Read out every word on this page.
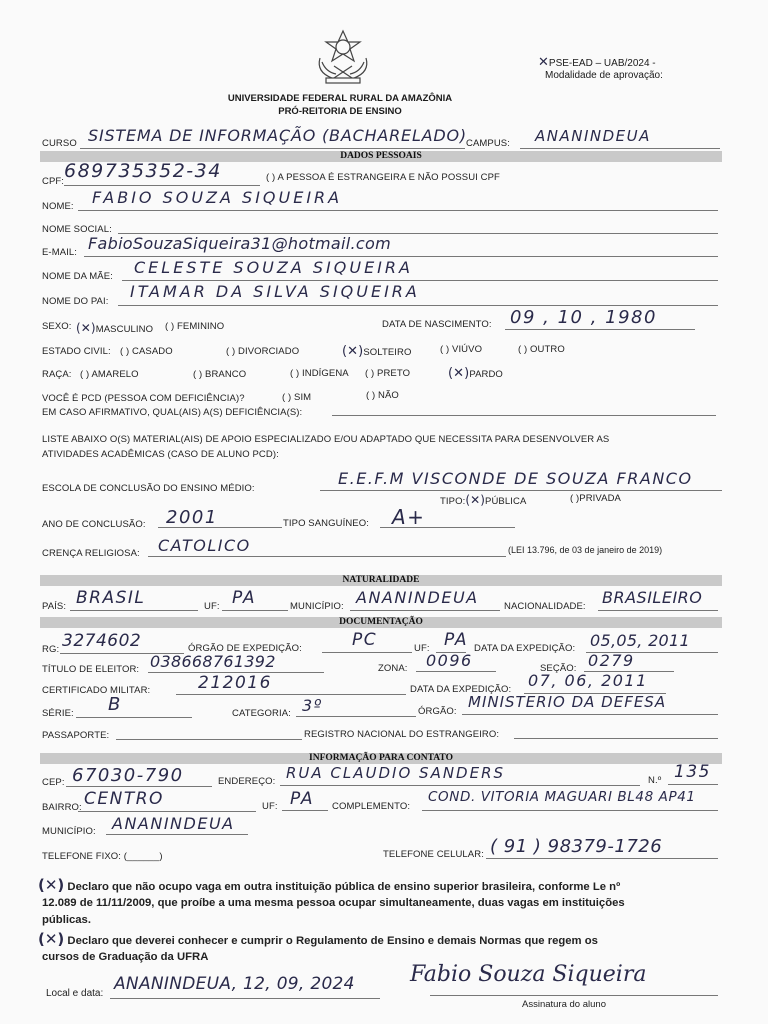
✕PSE-EAD – UAB/2024 -
Modalidade de aprovação:
UNIVERSIDADE FEDERAL RURAL DA AMAZÔNIA
PRÓ-REITORIA DE ENSINO
CURSO SISTEMA DE INFORMAÇÃO (BACHARELADO) CAMPUS: ANANINDEUA
DADOS PESSOAIS
CPF: 689735352-34	( ) A PESSOA É ESTRANGEIRA E NÃO POSSUI CPF
NOME: FABIO SOUZA SIQUEIRA
NOME SOCIAL:
E-MAIL: FabioSouzaSiqueira31@hotmail.com
NOME DA MÃE: CELESTE SOUZA SIQUEIRA
NOME DO PAI:
ITAMAR DA SILVA SIQUEIRA
SEXO: (✕)MASCULINO ( ) FEMININO	DATA DE NASCIMENTO: 09 , 10 , 1980
ESTADO CIVIL: ( ) CASADO	( ) DIVORCIADO	(✕)SOLTEIRO	( ) VIÚVO	( ) OUTRO
RAÇA: ( ) AMARELO	( ) BRANCO	( ) INDÍGENA ( ) PRETO	(✕)PARDO
VOCÊ É PCD (PESSOA COM DEFICIÊNCIA)?	( ) SIM	( ) NÃO
EM CASO AFIRMATIVO, QUAL(AIS) A(S) DEFICIÊNCIA(S):
LISTE ABAIXO O(S) MATERIAL(AIS) DE APOIO ESPECIALIZADO E/OU ADAPTADO QUE NECESSITA PARA DESENVOLVER AS
ATIVIDADES ACADÊMICAS (CASO DE ALUNO PCD):
ESCOLA DE CONCLUSÃO DO ENSINO MÉDIO:
E.E.F.M VISCONDE DE SOUZA FRANCO
TIPO:(✕)PÚBLICA	( )PRIVADA
ANO DE CONCLUSÃO: 2001	TIPO SANGUÍNEO: A+
CRENÇA RELIGIOSA: CATOLICO	(LEI 13.796, de 03 de janeiro de 2019)
NATURALIDADE
PAÍS: BRASIL	UF: PA	MUNICÍPIO: ANANINDEUA	NACIONALIDADE: BRASILEIRO
DOCUMENTAÇÃO
RG: 3274602	ÓRGÃO DE EXPEDIÇÃO:	PC	UF: PA DATA DA EXPEDIÇÃO: 05,05, 2011
TÍTULO DE ELEITOR: 038668761392	ZONA: 0096	SEÇÃO: 0279
CERTIFICADO MILITAR:	212016	DATA DA EXPEDIÇÃO: 07, 06, 2011
SÉRIE: B	CATEGORIA: 3º	ÓRGÃO:
MINISTERIO DA DEFESA
PASSAPORTE:	REGISTRO NACIONAL DO ESTRANGEIRO:
INFORMAÇÃO PARA CONTATO
CEP: 67030-790	ENDEREÇO: RUA CLAUDIO SANDERS	N.º 135
BAIRRO: CENTRO	UF: PA COMPLEMENTO:
COND. VITORIA MAGUARI BL48 AP41
MUNICÍPIO: ANANINDEUA
TELEFONE FIXO: (______)	TELEFONE CELULAR: ( 91 ) 98379-1726
(✕) Declaro que não ocupo vaga em outra instituição pública de ensino superior brasileira, conforme Le nº
12.089 de 11/11/2009, que proíbe a uma mesma pessoa ocupar simultaneamente, duas vagas em instituições
públicas.
(✕) Declaro que deverei conhecer e cumprir o Regulamento de Ensino e demais Normas que regem os
cursos de Graduação da UFRA
Local e data: ANANINDEUA, 12, 09, 2024	Fabio Souza Siqueira
Assinatura do aluno
